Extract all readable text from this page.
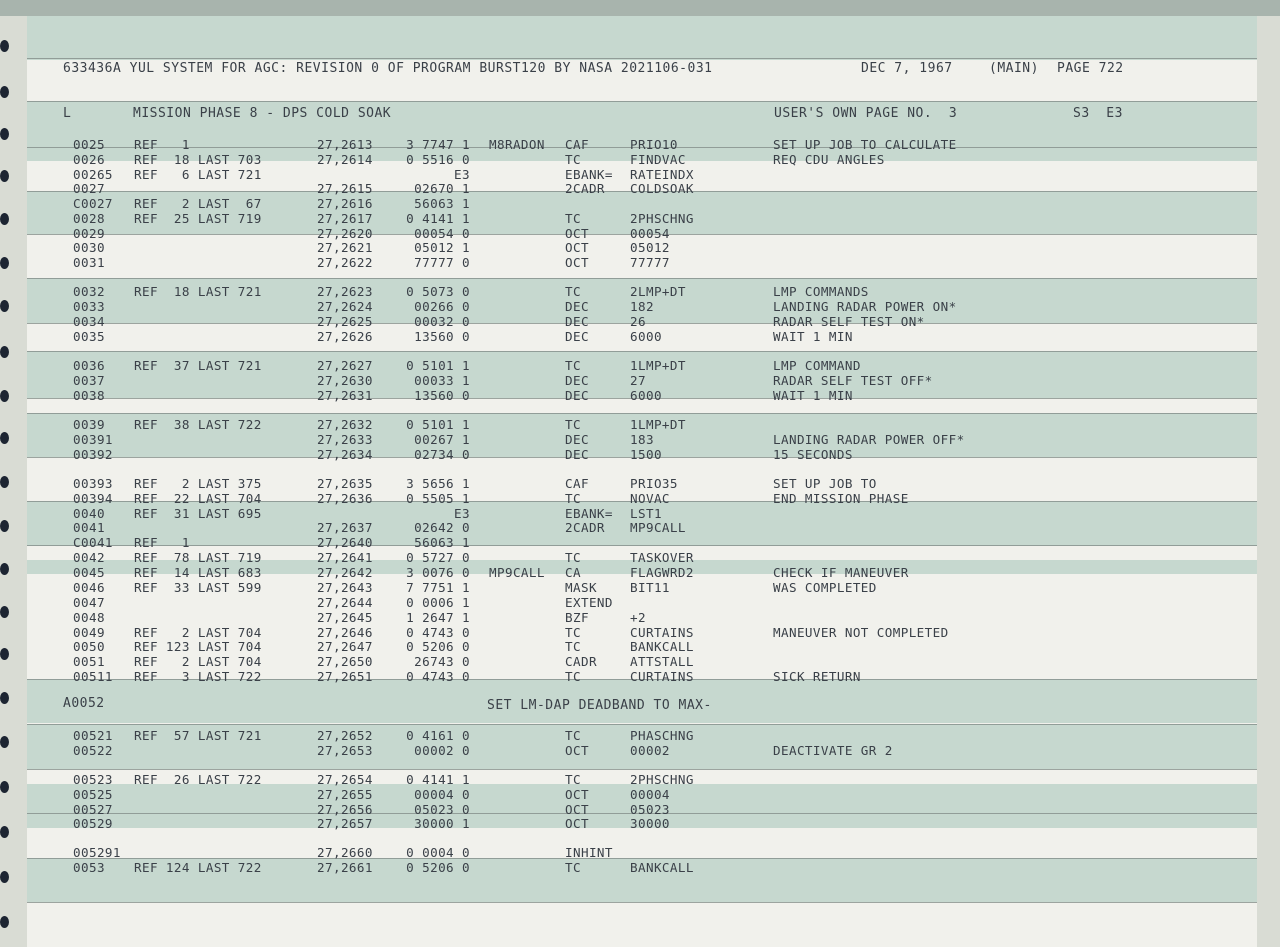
633436A YUL SYSTEM FOR AGC: REVISION 0 OF PROGRAM BURST120 BY NASA 2021106-031	DEC 7, 1967	(MAIN) PAGE 722
L	MISSION PHASE 8 - DPS COLD SOAK	USER'S OWN PAGE NO.  3	S3  E3
A0052	SET LM-DAP DEADBAND TO MAX-
0025 REF   1	27,2613	3 7747 1 M8RADON CAF	PRIO10	SET UP JOB TO CALCULATE
0026 REF  18 LAST 703	27,2614	0 5516 0	TC	FINDVAC	REQ CDU ANGLES
00265 REF   6 LAST 721	E3	EBANK= RATEINDX
0027	27,2615	02670 1	2CADR COLDSOAK
C0027 REF   2 LAST  67	27,2616	56063 1
0028 REF  25 LAST 719	27,2617	0 4141 1	TC	2PHSCHNG
0029	27,2620	00054 0	OCT	00054
0030	27,2621	05012 1	OCT	05012
0031	27,2622	77777 0	OCT	77777
0032 REF  18 LAST 721	27,2623	0 5073 0	TC	2LMP+DT	LMP COMMANDS
0033	27,2624	00266 0	DEC	182	LANDING RADAR POWER ON*
0034	27,2625	00032 0	DEC	26	RADAR SELF TEST ON*
0035	27,2626	13560 0	DEC	6000	WAIT 1 MIN
0036 REF  37 LAST 721	27,2627	0 5101 1	TC	1LMP+DT	LMP COMMAND
0037	27,2630	00033 1	DEC	27	RADAR SELF TEST OFF*
0038	27,2631	13560 0	DEC	6000	WAIT 1 MIN
0039 REF  38 LAST 722	27,2632	0 5101 1	TC	1LMP+DT
00391	27,2633	00267 1	DEC	183	LANDING RADAR POWER OFF*
00392	27,2634	02734 0	DEC	1500	15 SECONDS
00393 REF   2 LAST 375	27,2635	3 5656 1	CAF	PRIO35	SET UP JOB TO
00394 REF  22 LAST 704	27,2636	0 5505 1	TC	NOVAC	END MISSION PHASE
0040 REF  31 LAST 695	E3	EBANK= LST1
0041	27,2637	02642 0	2CADR MP9CALL
C0041 REF   1	27,2640	56063 1
0042 REF  78 LAST 719	27,2641	0 5727 0	TC	TASKOVER
0045 REF  14 LAST 683	27,2642	3 0076 0 MP9CALL CA	FLAGWRD2	CHECK IF MANEUVER
0046 REF  33 LAST 599	27,2643	7 7751 1	MASK	BIT11	WAS COMPLETED
0047	27,2644	0 0006 1	EXTEND
0048	27,2645	1 2647 1	BZF	+2
0049 REF   2 LAST 704	27,2646	0 4743 0	TC	CURTAINS	MANEUVER NOT COMPLETED
0050 REF 123 LAST 704	27,2647	0 5206 0	TC	BANKCALL
0051 REF   2 LAST 704	27,2650	26743 0	CADR	ATTSTALL
00511 REF   3 LAST 722	27,2651	0 4743 0	TC	CURTAINS	SICK RETURN
00521 REF  57 LAST 721	27,2652	0 4161 0	TC	PHASCHNG
00522	27,2653	00002 0	OCT	00002	DEACTIVATE GR 2
00523 REF  26 LAST 722	27,2654	0 4141 1	TC	2PHSCHNG
00525	27,2655	00004 0	OCT	00004
00527	27,2656	05023 0	OCT	05023
00529	27,2657	30000 1	OCT	30000
005291	27,2660	0 0004 0	INHINT
0053 REF 124 LAST 722	27,2661	0 5206 0	TC	BANKCALL
